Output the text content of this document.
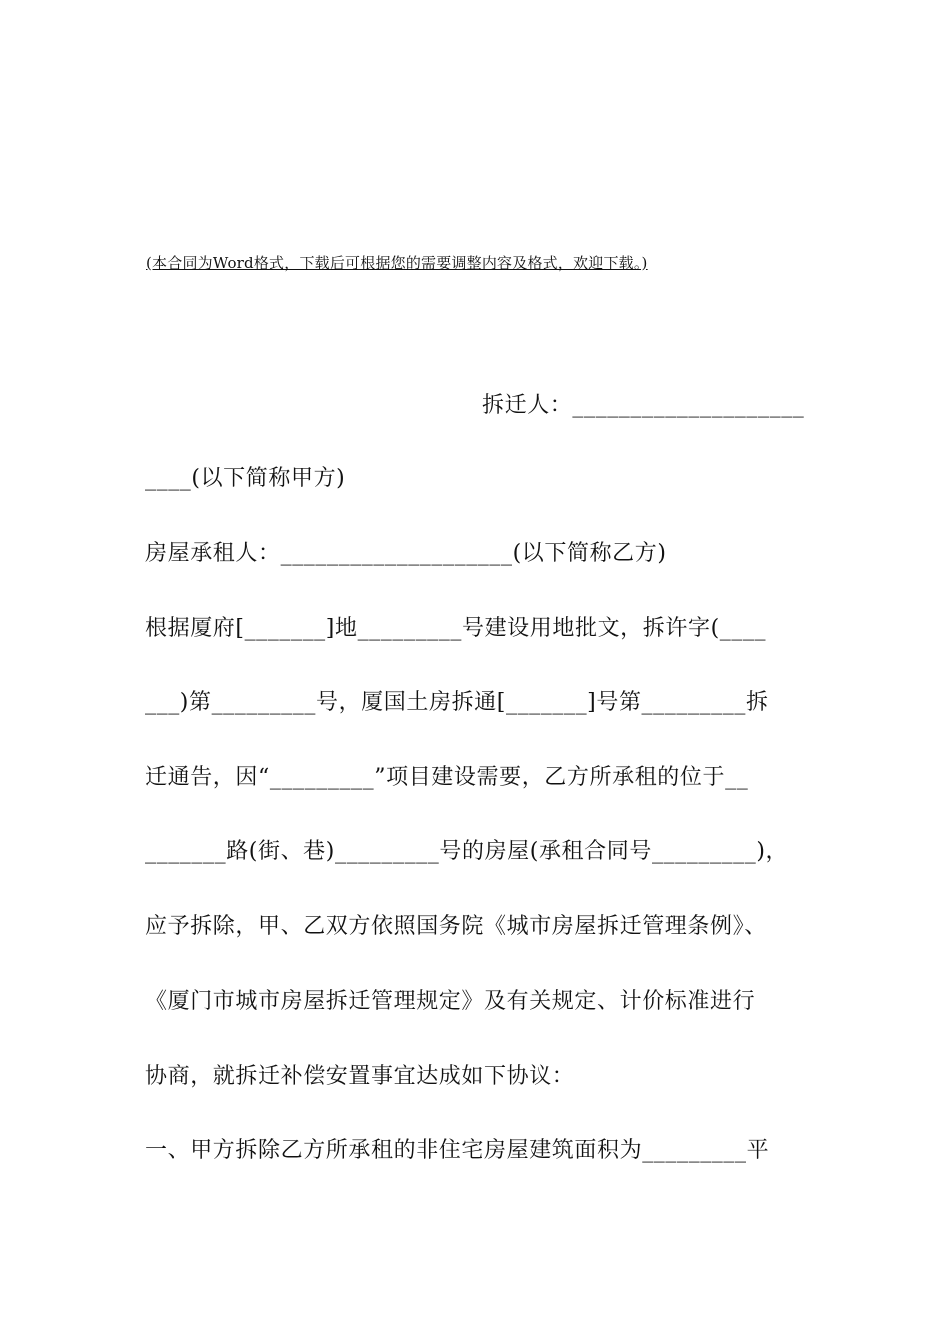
(本合同为Word格式，下载后可根据您的需要调整内容及格式，欢迎下载。)
拆迁人：____________________
____(以下简称甲方)
房屋承租人：____________________(以下简称乙方)
根据厦府[_______]地_________号建设用地批文，拆许字(____
___)第_________号，厦国土房拆通[_______]号第_________拆
迁通告，因“_________”项目建设需要，乙方所承租的位于__
_______路(街、巷)_________号的房屋(承租合同号_________)，
应予拆除，甲、乙双方依照国务院《城市房屋拆迁管理条例》、
《厦门市城市房屋拆迁管理规定》及有关规定、计价标准进行
协商，就拆迁补偿安置事宜达成如下协议：
一、甲方拆除乙方所承租的非住宅房屋建筑面积为_________平
